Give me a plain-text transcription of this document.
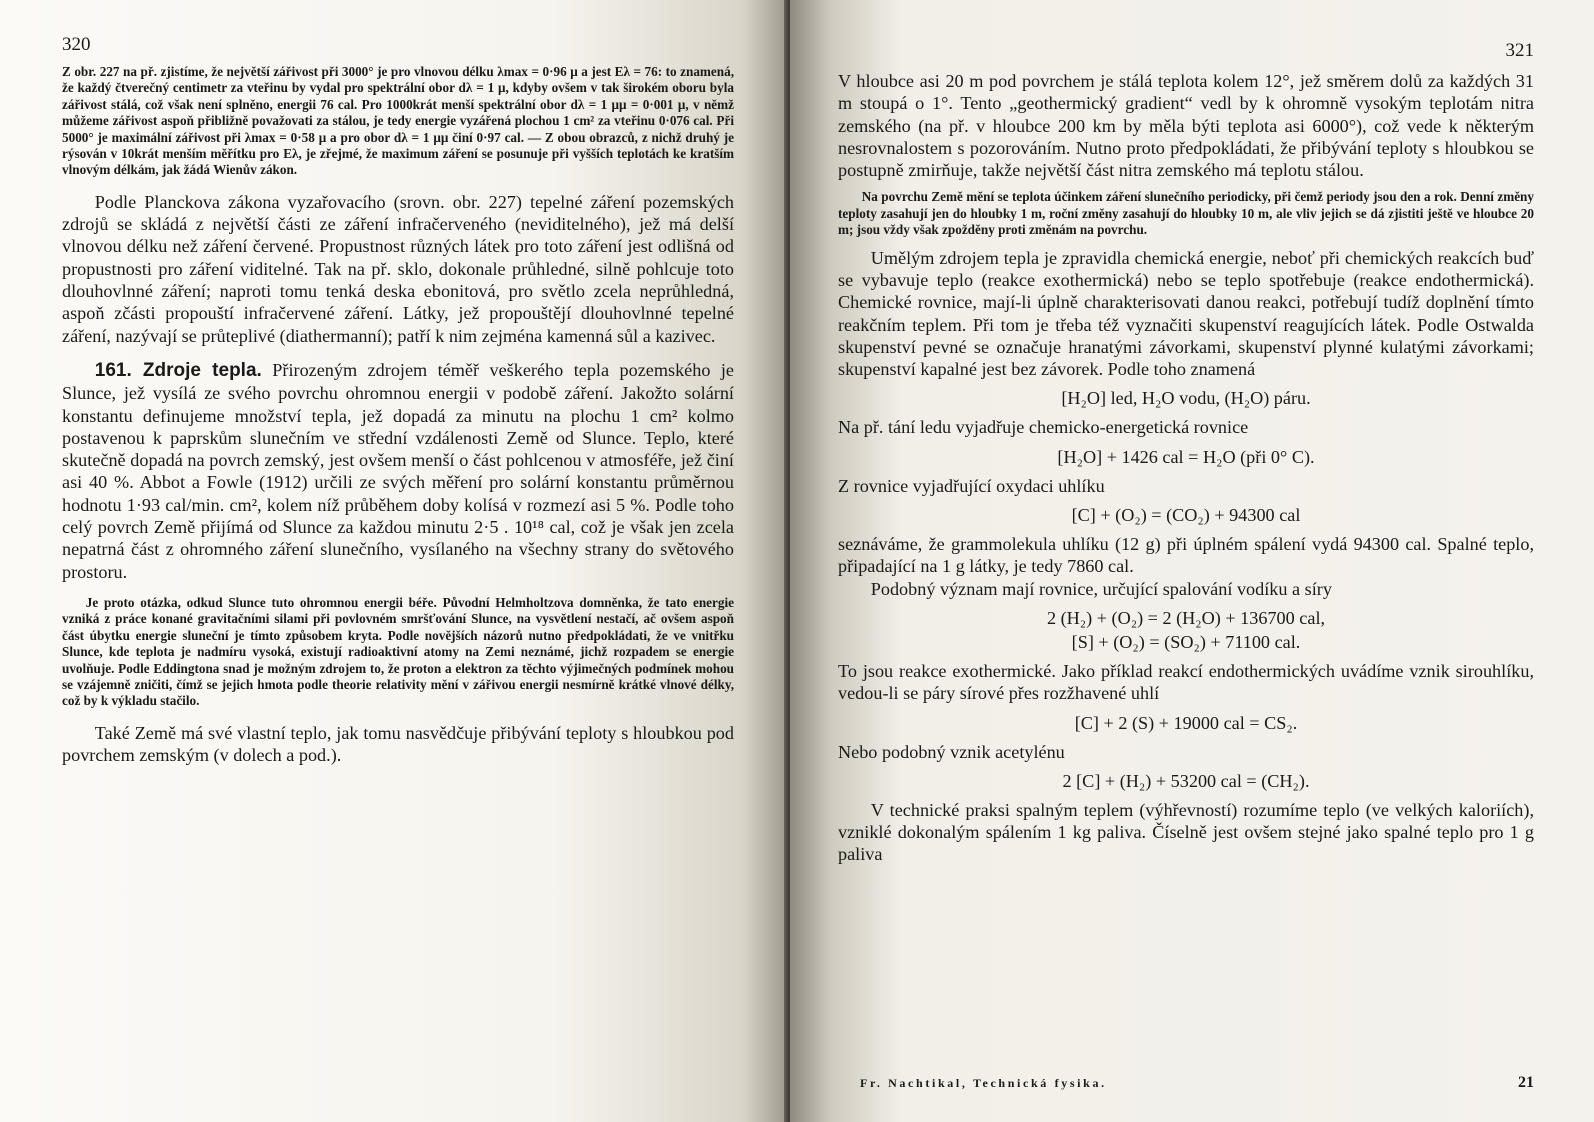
320

Z obr. 227 na př. zjistíme, že největší zářivost při 3000° je pro vlnovou délku λmax = 0·96 μ a jest Eλ = 76: to znamená, že každý čtverečný centimetr za vteřinu by vydal pro spektrální obor dλ = 1 μ, kdyby ovšem v tak širokém oboru byla zářivost stálá, což však není splněno, energii 76 cal. Pro 1000krát menší spektrální obor dλ = 1 μμ = 0·001 μ, v němž můžeme zářivost aspoň přibližně považovati za stálou, je tedy energie vyzářená plochou 1 cm² za vteřinu 0·076 cal. Při 5000° je maximální zářivost při λmax = 0·58 μ a pro obor dλ = 1 μμ činí 0·97 cal. — Z obou obrazců, z nichž druhý je rýsován v 10krát menším měřítku pro Eλ, je zřejmé, že maximum záření se posunuje při vyšších teplotách ke kratším vlnovým délkám, jak žádá Wienův zákon.

Podle Planckova zákona vyzařovacího (srovn. obr. 227) tepelné záření pozemských zdrojů se skládá z největší části ze záření infračerveného (neviditelného), jež má delší vlnovou délku než záření červené. Propustnost různých látek pro toto záření jest odlišná od propustnosti pro záření viditelné. Tak na př. sklo, dokonale průhledné, silně pohlcuje toto dlouhovlnné záření; naproti tomu tenká deska ebonitová, pro světlo zcela neprůhledná, aspoň zčásti propouští infračervené záření. Látky, jež propouštějí dlouhovlnné tepelné záření, nazývají se průteplivé (diathermanní); patří k nim zejména kamenná sůl a kazivec.

161. Zdroje tepla. Přirozeným zdrojem téměř veškerého tepla pozemského je Slunce, jež vysílá ze svého povrchu ohromnou energii v podobě záření. Jakožto solární konstantu definujeme množství tepla, jež dopadá za minutu na plochu 1 cm² kolmo postavenou k paprskům slunečním ve střední vzdálenosti Země od Slunce. Teplo, které skutečně dopadá na povrch zemský, jest ovšem menší o část pohlcenou v atmosféře, jež činí asi 40 %. Abbot a Fowle (1912) určili ze svých měření pro solární konstantu průměrnou hodnotu 1·93 cal/min. cm², kolem níž průběhem doby kolísá v rozmezí asi 5 %. Podle toho celý povrch Země přijímá od Slunce za každou minutu 2·5 . 10¹⁸ cal, což je však jen zcela nepatrná část z ohromného záření slunečního, vysílaného na všechny strany do světového prostoru.

Je proto otázka, odkud Slunce tuto ohromnou energii béře. Původní Helmholtzova domněnka, že tato energie vzniká z práce konané gravitačními silami při povlovném smršťování Slunce, na vysvětlení nestačí, ač ovšem aspoň část úbytku energie sluneční je tímto způsobem kryta. Podle novějších názorů nutno předpokládati, že ve vnitřku Slunce, kde teplota je nadmíru vysoká, existují radioaktivní atomy na Zemi neznámé, jichž rozpadem se energie uvolňuje. Podle Eddingtona snad je možným zdrojem to, že proton a elektron za těchto výjimečných podmínek mohou se vzájemně zničiti, čímž se jejich hmota podle theorie relativity mění v zářivou energii nesmírně krátké vlnové délky, což by k výkladu stačilo.

Také Země má své vlastní teplo, jak tomu nasvědčuje přibývání teploty s hloubkou pod povrchem zemským (v dolech a pod.).

321

V hloubce asi 20 m pod povrchem je stálá teplota kolem 12°, jež směrem dolů za každých 31 m stoupá o 1°. Tento „geothermický gradient“ vedl by k ohromně vysokým teplotám nitra zemského (na př. v hloubce 200 km by měla býti teplota asi 6000°), což vede k některým nesrovnalostem s pozorováním. Nutno proto předpokládati, že přibývání teploty s hloubkou se postupně zmirňuje, takže největší část nitra zemského má teplotu stálou.

Na povrchu Země mění se teplota účinkem záření slunečního periodicky, při čemž periody jsou den a rok. Denní změny teploty zasahují jen do hloubky 1 m, roční změny zasahují do hloubky 10 m, ale vliv jejich se dá zjistiti ještě ve hloubce 20 m; jsou vždy však zpožděny proti změnám na povrchu.

Umělým zdrojem tepla je zpravidla chemická energie, neboť při chemických reakcích buď se vybavuje teplo (reakce exothermická) nebo se teplo spotřebuje (reakce endothermická). Chemické rovnice, mají-li úplně charakterisovati danou reakci, potřebují tudíž doplnění tímto reakčním teplem. Při tom je třeba též vyznačiti skupenství reagujících látek. Podle Ostwalda skupenství pevné se označuje hranatými závorkami, skupenství plynné kulatými závorkami; skupenství kapalné jest bez závorek. Podle toho znamená

[H₂O] led, H₂O vodu, (H₂O) páru.

Na př. tání ledu vyjadřuje chemicko-energetická rovnice

[H₂O] + 1426 cal = H₂O (při 0° C).

Z rovnice vyjadřující oxydaci uhlíku

[C] + (O₂) = (CO₂) + 94300 cal

seznáváme, že grammolekula uhlíku (12 g) při úplném spálení vydá 94300 cal. Spalné teplo, připadající na 1 g látky, je tedy 7860 cal.

Podobný význam mají rovnice, určující spalování vodíku a síry

2 (H₂) + (O₂) = 2 (H₂O) + 136700 cal,
[S] + (O₂) = (SO₂) + 71100 cal.

To jsou reakce exothermické. Jako příklad reakcí endothermických uvádíme vznik sirouhlíku, vedou-li se páry sírové přes rozžhavené uhlí

[C] + 2 (S) + 19000 cal = CS₂.

Nebo podobný vznik acetylénu

2 [C] + (H₂) + 53200 cal = (CH₂).

V technické praksi spalným teplem (výhřevností) rozumíme teplo (ve velkých kaloriích), vzniklé dokonalým spálením 1 kg paliva. Číselně jest ovšem stejné jako spalné teplo pro 1 g paliva

Fr. Nachtikal, Technická fysika.	21
